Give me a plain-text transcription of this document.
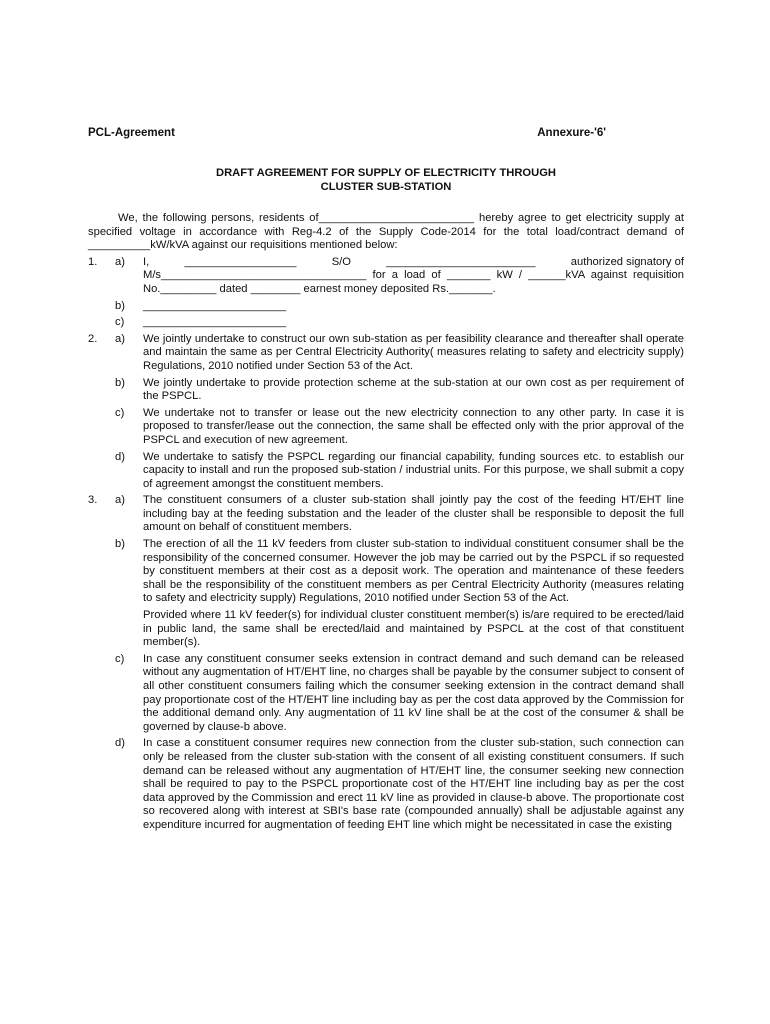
PCL-Agreement	Annexure-'6'
DRAFT AGREEMENT FOR SUPPLY OF ELECTRICITY THROUGH
CLUSTER SUB-STATION

We, the following persons, residents of_________________________ hereby agree to get electricity supply at specified voltage in accordance with Reg-4.2 of the Supply Code-2014 for the total load/contract demand of __________kW/kVA against our requisitions mentioned below:

1. a) I,	__________________	S/O	________________________	authorized signatory of
M/s_________________________________ for a load of _______ kW / ______kVA against requisition No._________ dated ________ earnest money deposited Rs._______.
b) _______________________
c) _______________________
2. a) We jointly undertake to construct our own sub-station as per feasibility clearance and thereafter shall operate and maintain the same as per Central Electricity Authority( measures relating to safety and electricity supply) Regulations, 2010 notified under Section 53 of the Act.
b) We jointly undertake to provide protection scheme at the sub-station at our own cost as per requirement of the PSPCL.
c) We undertake not to transfer or lease out the new electricity connection to any other party. In case it is proposed to transfer/lease out the connection, the same shall be effected only with the prior approval of the PSPCL and execution of new agreement.
d) We undertake to satisfy the PSPCL regarding our financial capability, funding sources etc. to establish our capacity to install and run the proposed sub-station / industrial units. For this purpose, we shall submit a copy of agreement amongst the constituent members.
3. a) The constituent consumers of a cluster sub-station shall jointly pay the cost of the feeding HT/EHT line including bay at the feeding substation and the leader of the cluster shall be responsible to deposit the full amount on behalf of constituent members.
b) The erection of all the 11 kV feeders from cluster sub-station to individual constituent consumer shall be the responsibility of the concerned consumer. However the job may be carried out by the PSPCL if so requested by constituent members at their cost as a deposit work. The operation and maintenance of these feeders shall be the responsibility of the constituent members as per Central Electricity Authority (measures relating to safety and electricity supply) Regulations, 2010 notified under Section 53 of the Act.

Provided where 11 kV feeder(s) for individual cluster constituent member(s) is/are required to be erected/laid in public land, the same shall be erected/laid and maintained by PSPCL at the cost of that constituent member(s).

c) In case any constituent consumer seeks extension in contract demand and such demand can be released without any augmentation of HT/EHT line, no charges shall be payable by the consumer subject to consent of all other constituent consumers failing which the consumer seeking extension in the contract demand shall pay proportionate cost of the HT/EHT line including bay as per the cost data approved by the Commission for the additional demand only. Any augmentation of 11 kV line shall be at the cost of the consumer & shall be governed by clause-b above.
d) In case a constituent consumer requires new connection from the cluster sub-station, such connection can only be released from the cluster sub-station with the consent of all existing constituent consumers. If such demand can be released without any augmentation of HT/EHT line, the consumer seeking new connection shall be required to pay to the PSPCL proportionate cost of the HT/EHT line including bay as per the cost data approved by the Commission and erect 11 kV line as provided in clause-b above. The proportionate cost so recovered along with interest at SBI's base rate (compounded annually) shall be adjustable against any expenditure incurred for augmentation of feeding EHT line which might be necessitated in case the existing
